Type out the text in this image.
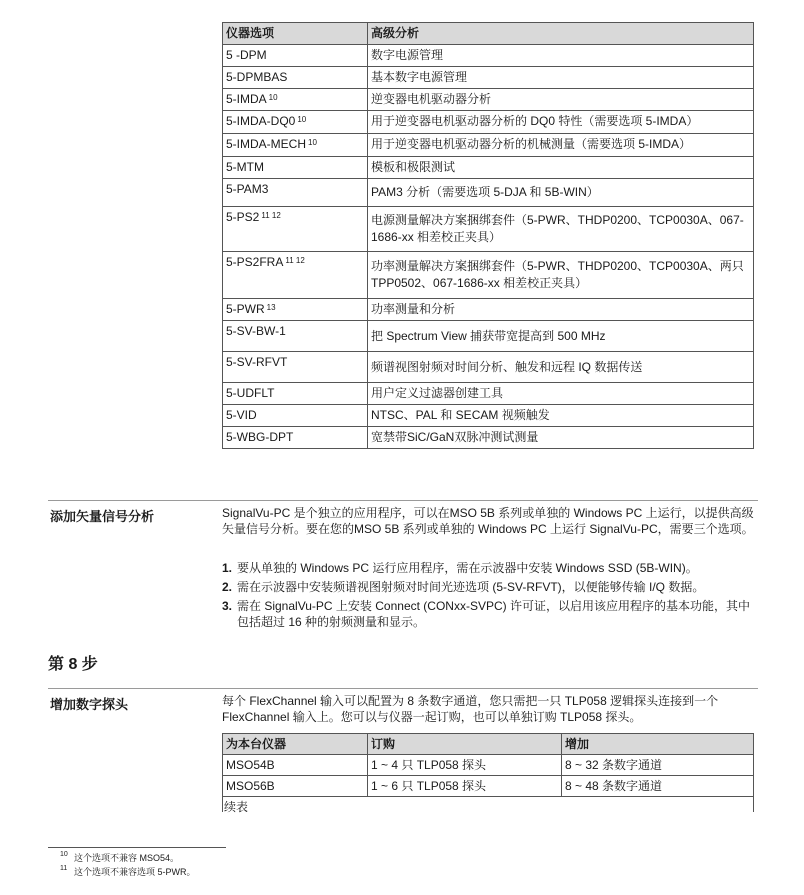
仪器选项	高级分析
5 -DPM	数字电源管理
5-DPMBAS	基本数字电源管理
5-IMDA $^{10}$	逆变器电机驱动器分析
5-IMDA-DQ0 $^{10}$	用于逆变器电机驱动器分析的 DQ0 特性（需要选项 5-IMDA）
5-IMDA-MECH $^{10}$	用于逆变器电机驱动器分析的机械测量（需要选项 5-IMDA）
5-MTM	模板和极限测试
5-PAM3	PAM3 分析（需要选项 5-DJA 和 5B-WIN）
5-PS2 $^{11 12}$	电源测量解决方案捆绑套件（5-PWR、THDP0200、TCP0030A、067-1686-xx 相差校正夹具）
5-PS2FRA $^{11 12}$	功率测量解决方案捆绑套件（5-PWR、THDP0200、TCP0030A、两只 TPP0502、067-1686-xx 相差校正夹具）
5-PWR $^{13}$	功率测量和分析
5-SV-BW-1	把 Spectrum View 捕获带宽提高到 500 MHz
5-SV-RFVT	频谱视图射频对时间分析、触发和远程 IQ 数据传送
5-UDFLT	用户定义过滤器创建工具
5-VID	NTSC、PAL 和 SECAM 视频触发
5-WBG-DPT	宽禁带SiC/GaN双脉冲测试测量
添加矢量信号分析	SignalVu-PC 是个独立的应用程序，可以在MSO 5B 系列或单独的 Windows PC 上运行，以提供高级矢量信号分析。要在您的MSO 5B 系列或单独的 Windows PC 上运行 SignalVu-PC，需要三个选项。
1. 要从单独的 Windows PC 运行应用程序，需在示波器中安装 Windows SSD (5B-WIN)。
2. 需在示波器中安装频谱视图射频对时间光迹选项 (5-SV-RFVT)，以便能够传输 I/Q 数据。
3. 需在 SignalVu-PC 上安装 Connect (CONxx-SVPC) 许可证，以启用该应用程序的基本功能，其中包括超过 16 种的射频测量和显示。
第 8 步
增加数字探头	每个 FlexChannel 输入可以配置为 8 条数字通道，您只需把一只 TLP058 逻辑探头连接到一个 FlexChannel 输入上。您可以与仪器一起订购，也可以单独订购 TLP058 探头。
为本台仪器	订购	增加
MSO54B	1 ~ 4 只 TLP058 探头	8 ~ 32 条数字通道
MSO56B	1 ~ 6 只 TLP058 探头	8 ~ 48 条数字通道
续表
10 这个选项不兼容 MSO54。
11 这个选项不兼容选项 5-PWR。
